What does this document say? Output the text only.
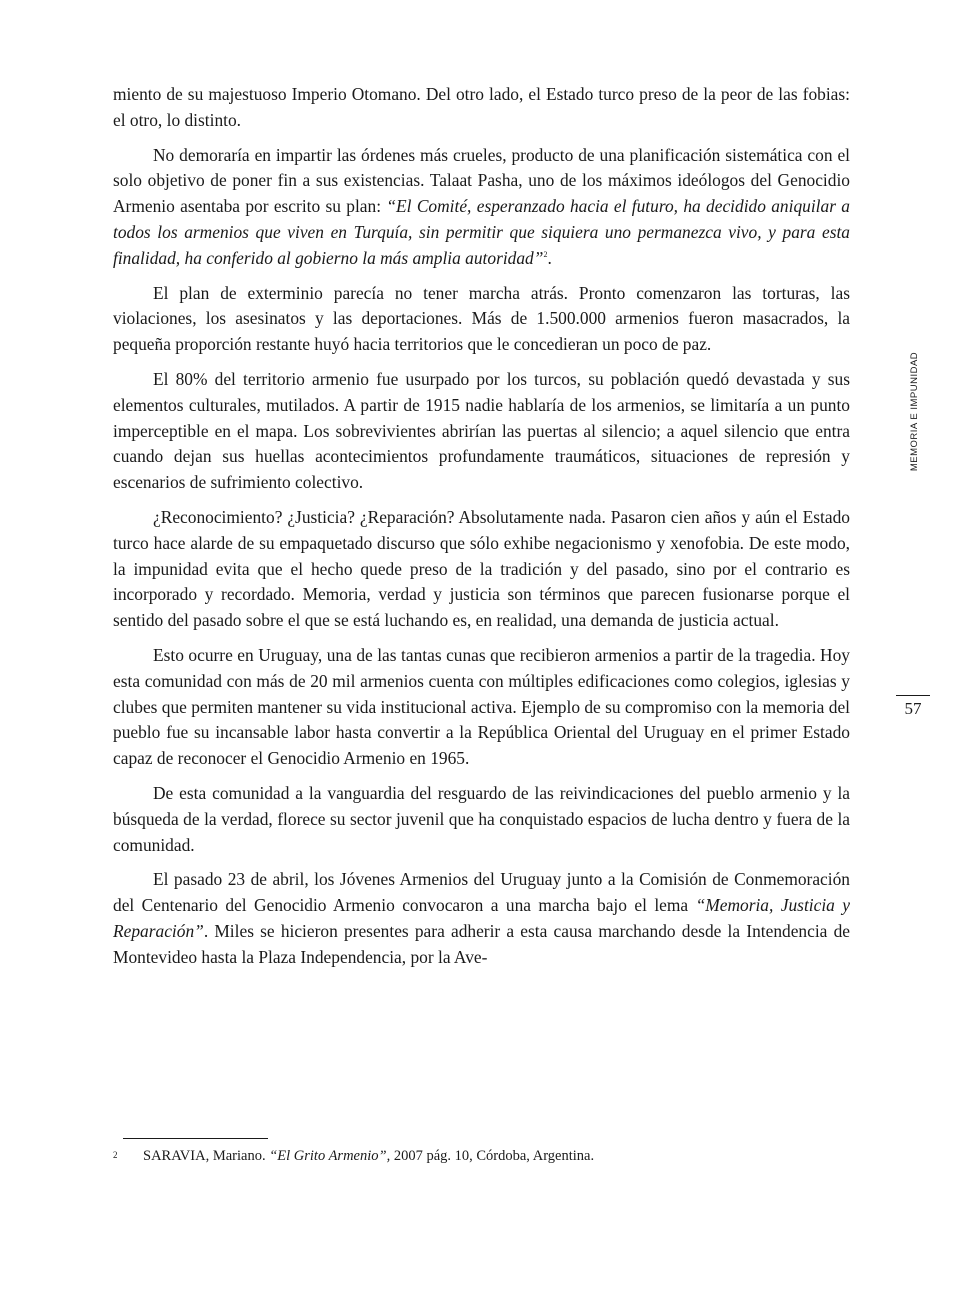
miento de su majestuoso Imperio Otomano. Del otro lado, el Estado turco preso de la peor de las fobias: el otro, lo distinto.

No demoraría en impartir las órdenes más crueles, producto de una planificación sistemática con el solo objetivo de poner fin a sus existencias. Talaat Pasha, uno de los máximos ideólogos del Genocidio Armenio asentaba por escrito su plan: “El Comité, esperanzado hacia el futuro, ha decidido aniquilar a todos los armenios que viven en Turquía, sin permitir que siquiera uno permanezca vivo, y para esta finalidad, ha conferido al gobierno la más amplia autoridad”$^2$.

El plan de exterminio parecía no tener marcha atrás. Pronto comenzaron las torturas, las violaciones, los asesinatos y las deportaciones. Más de 1.500.000 armenios fueron masacrados, la pequeña proporción restante huyó hacia territorios que le concedieran un poco de paz.

El 80% del territorio armenio fue usurpado por los turcos, su población quedó devastada y sus elementos culturales, mutilados. A partir de 1915 nadie hablaría de los armenios, se limitaría a un punto imperceptible en el mapa. Los sobrevivientes abrirían las puertas al silencio; a aquel silencio que entra cuando dejan sus huellas acontecimientos profundamente traumáticos, situaciones de represión y escenarios de sufrimiento colectivo.

¿Reconocimiento? ¿Justicia? ¿Reparación? Absolutamente nada. Pasaron cien años y aún el Estado turco hace alarde de su empaquetado discurso que sólo exhibe negacionismo y xenofobia. De este modo, la impunidad evita que el hecho quede preso de la tradición y del pasado, sino por el contrario es incorporado y recordado. Memoria, verdad y justicia son términos que parecen fusionarse porque el sentido del pasado sobre el que se está luchando es, en realidad, una demanda de justicia actual.

Esto ocurre en Uruguay, una de las tantas cunas que recibieron armenios a partir de la tragedia. Hoy esta comunidad con más de 20 mil armenios cuenta con múltiples edificaciones como colegios, iglesias y clubes que permiten mantener su vida institucional activa. Ejemplo de su compromiso con la memoria del pueblo fue su incansable labor hasta convertir a la República Oriental del Uruguay en el primer Estado capaz de reconocer el Genocidio Armenio en 1965.

De esta comunidad a la vanguardia del resguardo de las reivindicaciones del pueblo armenio y la búsqueda de la verdad, florece su sector juvenil que ha conquistado espacios de lucha dentro y fuera de la comunidad.

El pasado 23 de abril, los Jóvenes Armenios del Uruguay junto a la Comisión de Conmemoración del Centenario del Genocidio Armenio convocaron a una marcha bajo el lema “Memoria, Justicia y Reparación”. Miles se hicieron presentes para adherir a esta causa marchando desde la Intendencia de Montevideo hasta la Plaza Independencia, por la Ave-

MEMORIA E IMPUNIDAD
57
2 SARAVIA, Mariano. “El Grito Armenio”, 2007 pág. 10, Córdoba, Argentina.
